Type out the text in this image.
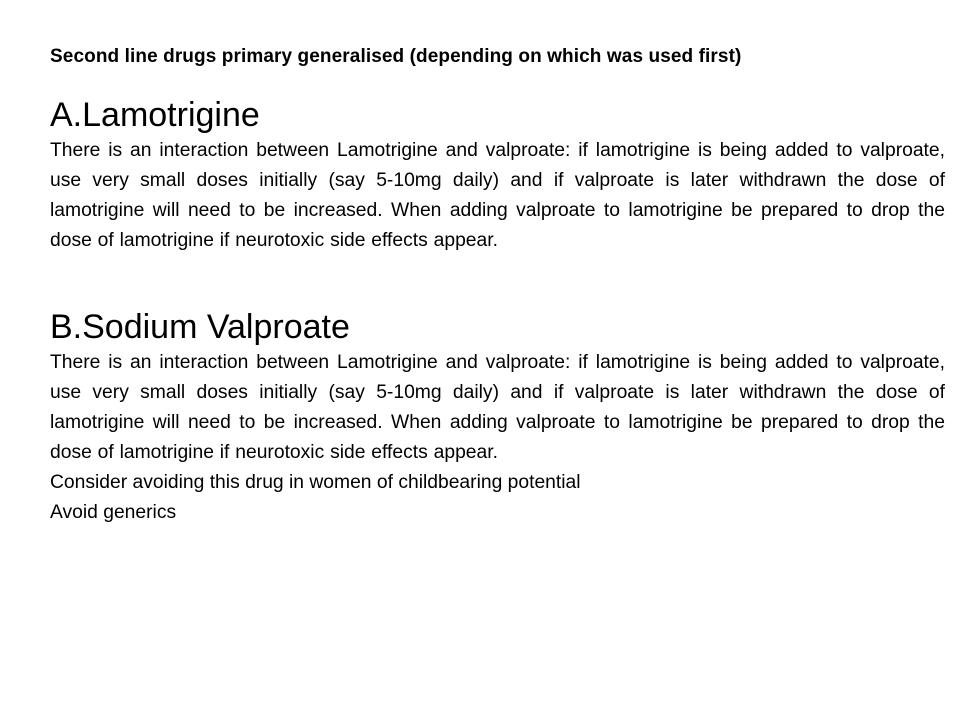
Second line drugs primary generalised (depending on which was used first)

A.Lamotrigine

There is an interaction between Lamotrigine and valproate: if lamotrigine is being added to valproate, use very small doses initially (say 5-10mg daily) and if valproate is later withdrawn the dose of lamotrigine will need to be increased. When adding valproate to lamotrigine be prepared to drop the dose of lamotrigine if neurotoxic side effects appear.

B.Sodium Valproate

There is an interaction between Lamotrigine and valproate: if lamotrigine is being added to valproate, use very small doses initially (say 5-10mg daily) and if valproate is later withdrawn the dose of lamotrigine will need to be increased. When adding valproate to lamotrigine be prepared to drop the dose of lamotrigine if neurotoxic side effects appear.

Consider avoiding this drug in women of childbearing potential

Avoid generics
